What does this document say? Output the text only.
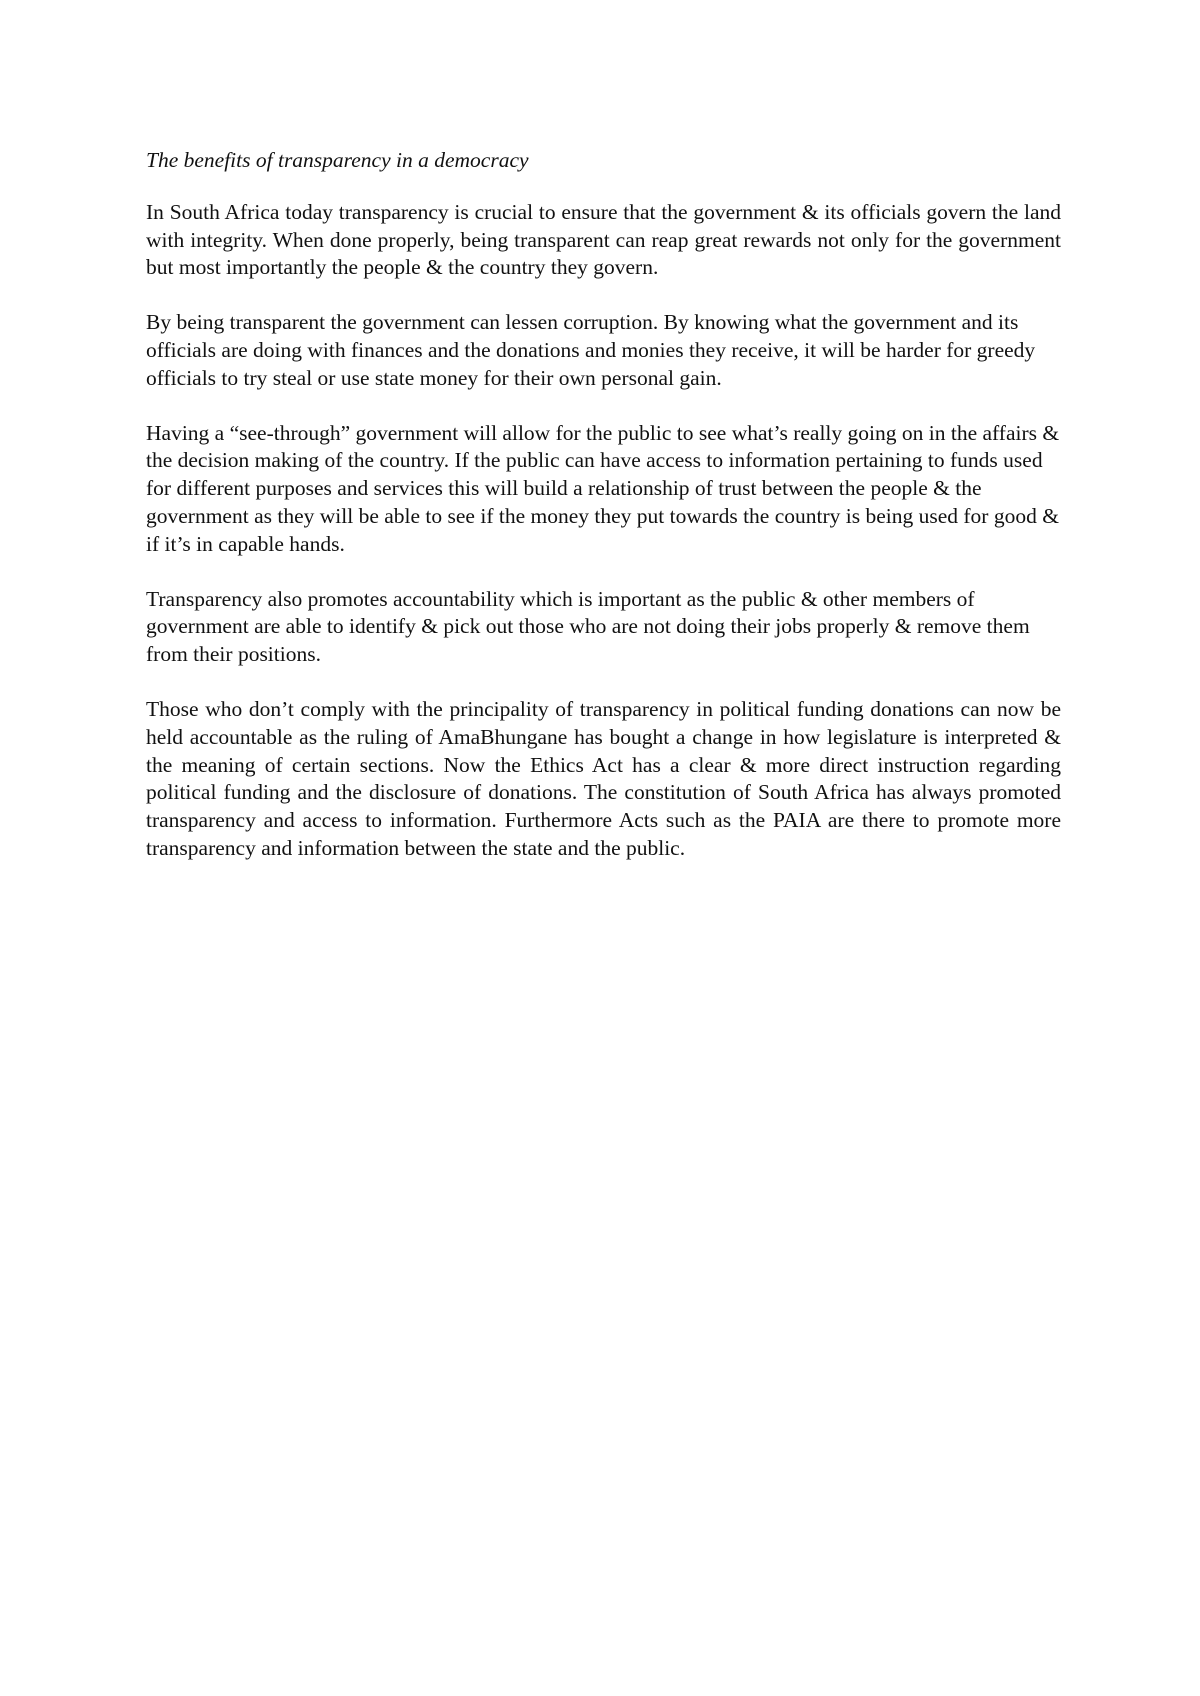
The benefits of transparency in a democracy

In South Africa today transparency is crucial to ensure that the government & its officials govern the land with integrity. When done properly, being transparent can reap great rewards not only for the government but most importantly the people & the country they govern.

By being transparent the government can lessen corruption. By knowing what the government and its officials are doing with finances and the donations and monies they receive, it will be harder for greedy officials to try steal or use state money for their own personal gain.

Having a “see-through” government will allow for the public to see what’s really going on in the affairs & the decision making of the country. If the public can have access to information pertaining to funds used for different purposes and services this will build a relationship of trust between the people & the government as they will be able to see if the money they put towards the country is being used for good & if it’s in capable hands.

Transparency also promotes accountability which is important as the public & other members of government are able to identify & pick out those who are not doing their jobs properly & remove them from their positions.

Those who don’t comply with the principality of transparency in political funding donations can now be held accountable as the ruling of AmaBhungane has bought a change in how legislature is interpreted & the meaning of certain sections. Now the Ethics Act has a clear & more direct instruction regarding political funding and the disclosure of donations. The constitution of South Africa has always promoted transparency and access to information. Furthermore Acts such as the PAIA are there to promote more transparency and information between the state and the public.
